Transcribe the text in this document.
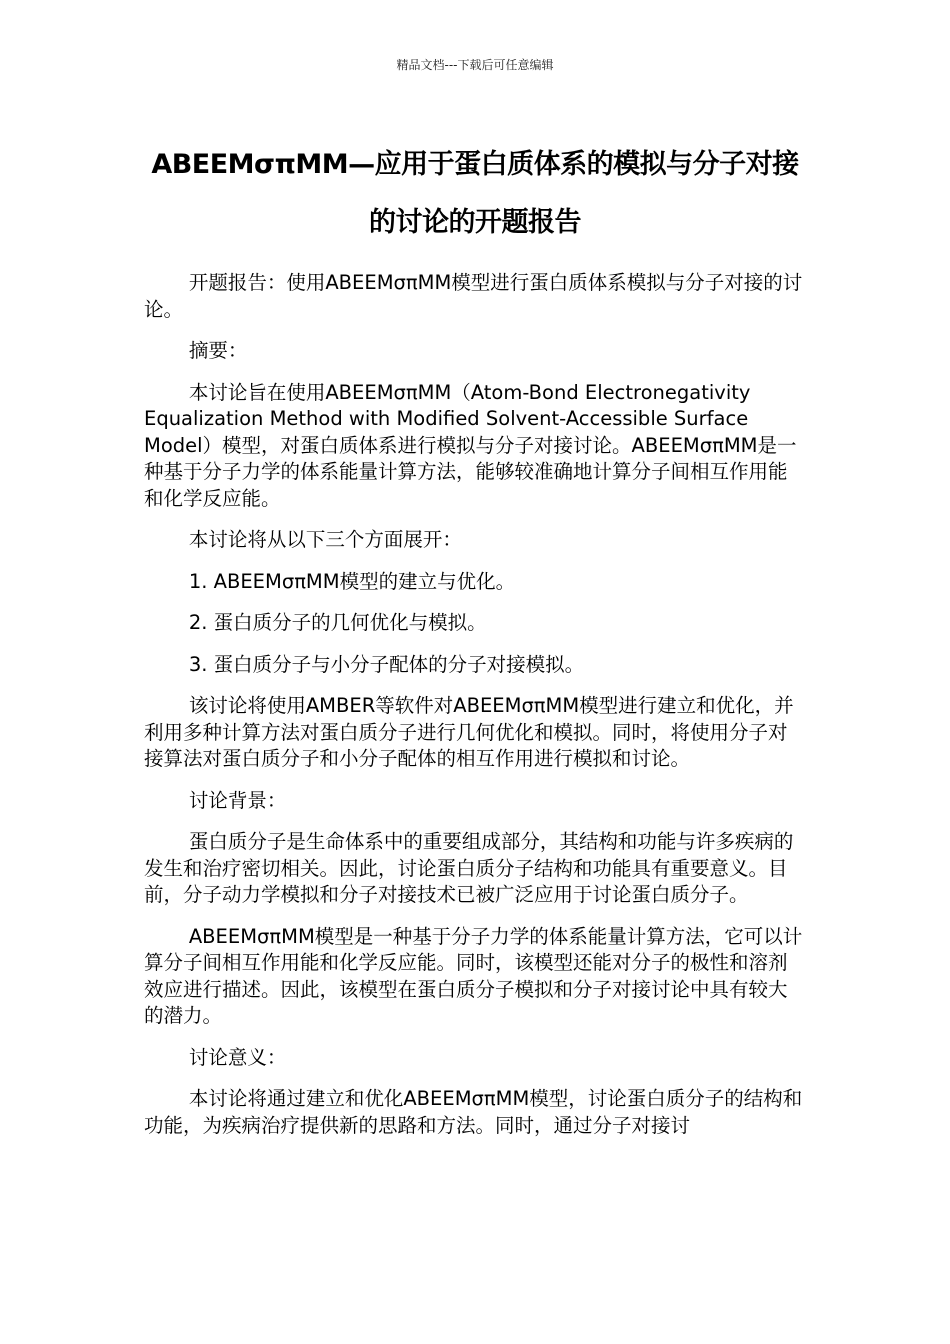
精品文档---下载后可任意编辑
ABEEMσπMM—应用于蛋白质体系的模拟与分子对接的讨论的开题报告

开题报告：使用ABEEMσπMM模型进行蛋白质体系模拟与分子对接的讨论。

摘要：

本讨论旨在使用ABEEMσπMM（Atom-Bond Electronegativity Equalization Method with Modified Solvent-Accessible Surface Model）模型，对蛋白质体系进行模拟与分子对接讨论。ABEEMσπMM是一种基于分子力学的体系能量计算方法，能够较准确地计算分子间相互作用能和化学反应能。

本讨论将从以下三个方面展开：

1. ABEEMσπMM模型的建立与优化。

2. 蛋白质分子的几何优化与模拟。

3. 蛋白质分子与小分子配体的分子对接模拟。

该讨论将使用AMBER等软件对ABEEMσπMM模型进行建立和优化，并利用多种计算方法对蛋白质分子进行几何优化和模拟。同时，将使用分子对接算法对蛋白质分子和小分子配体的相互作用进行模拟和讨论。

讨论背景：

蛋白质分子是生命体系中的重要组成部分，其结构和功能与许多疾病的发生和治疗密切相关。因此，讨论蛋白质分子结构和功能具有重要意义。目前，分子动力学模拟和分子对接技术已被广泛应用于讨论蛋白质分子。

ABEEMσπMM模型是一种基于分子力学的体系能量计算方法，它可以计算分子间相互作用能和化学反应能。同时，该模型还能对分子的极性和溶剂效应进行描述。因此，该模型在蛋白质分子模拟和分子对接讨论中具有较大的潜力。

讨论意义：

本讨论将通过建立和优化ABEEMσπMM模型，讨论蛋白质分子的结构和功能，为疾病治疗提供新的思路和方法。同时，通过分子对接讨
